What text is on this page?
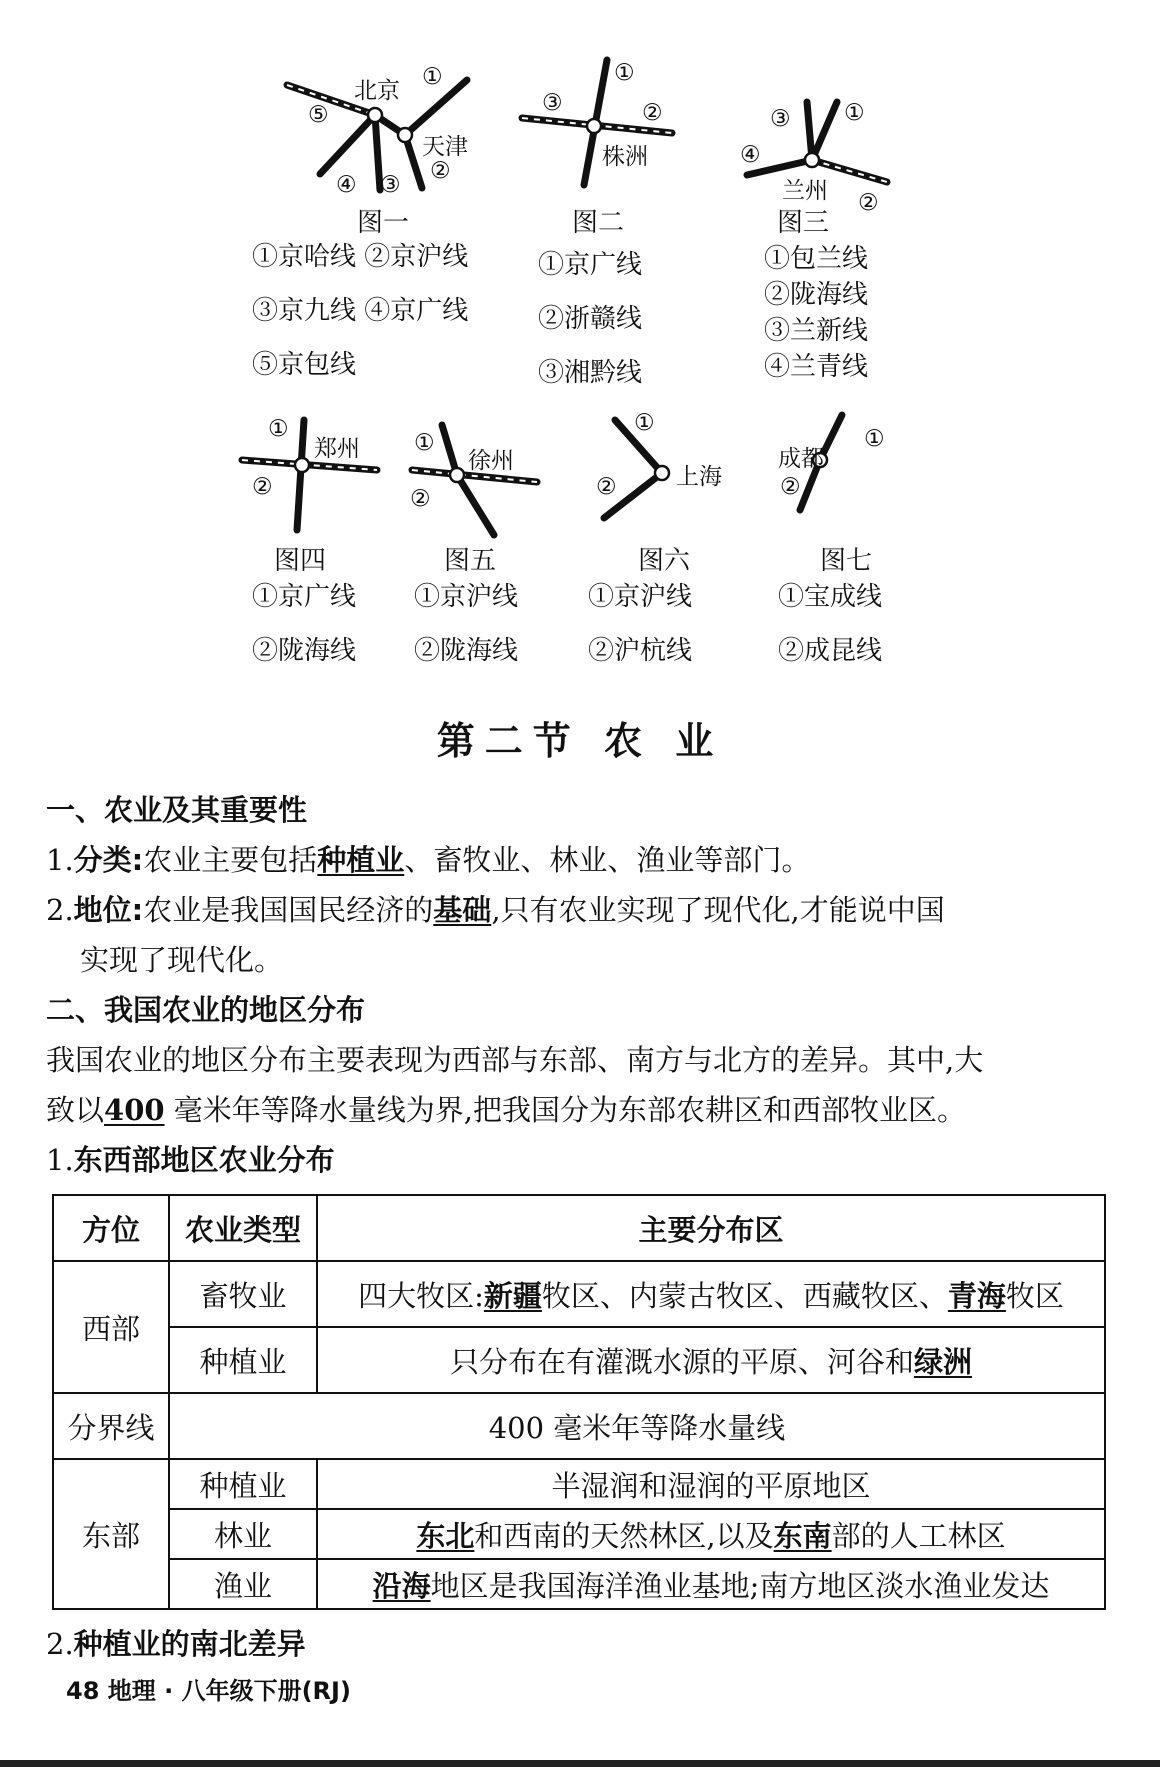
北京
天津
①
②
③
④
⑤
图一
①京哈线 ②京沪线
③京九线 ④京广线
⑤京包线
株洲
①
②
③
图二
①京广线
②浙赣线
③湘黔线
兰州
①
②
③
④
图三
①包兰线
②陇海线
③兰新线
④兰青线
郑州
①
②
图四
①京广线
②陇海线
徐州
①
②
图五
①京沪线
②陇海线
上海
①
②
图六
①京沪线
②沪杭线
成都
①
②
图七
①宝成线
②成昆线
第二节 农 业
一、农业及其重要性
1.分类:农业主要包括种植业、畜牧业、林业、渔业等部门。
2.地位:农业是我国国民经济的基础,只有农业实现了现代化,才能说中国
实现了现代化。
二、我国农业的地区分布
我国农业的地区分布主要表现为西部与东部、南方与北方的差异。其中,大
致以400 毫米年等降水量线为界,把我国分为东部农耕区和西部牧业区。
1.东西部地区农业分布
方位	农业类型	主要分布区
西部	畜牧业	四大牧区:新疆牧区、内蒙古牧区、西藏牧区、青海牧区
	种植业	只分布在有灌溉水源的平原、河谷和绿洲
分界线	400 毫米年等降水量线	
东部	种植业	半湿润和湿润的平原地区
	林业	东北和西南的天然林区,以及东南部的人工林区
	渔业	沿海地区是我国海洋渔业基地;南方地区淡水渔业发达
2.种植业的南北差异
48 地理 · 八年级下册(RJ)
